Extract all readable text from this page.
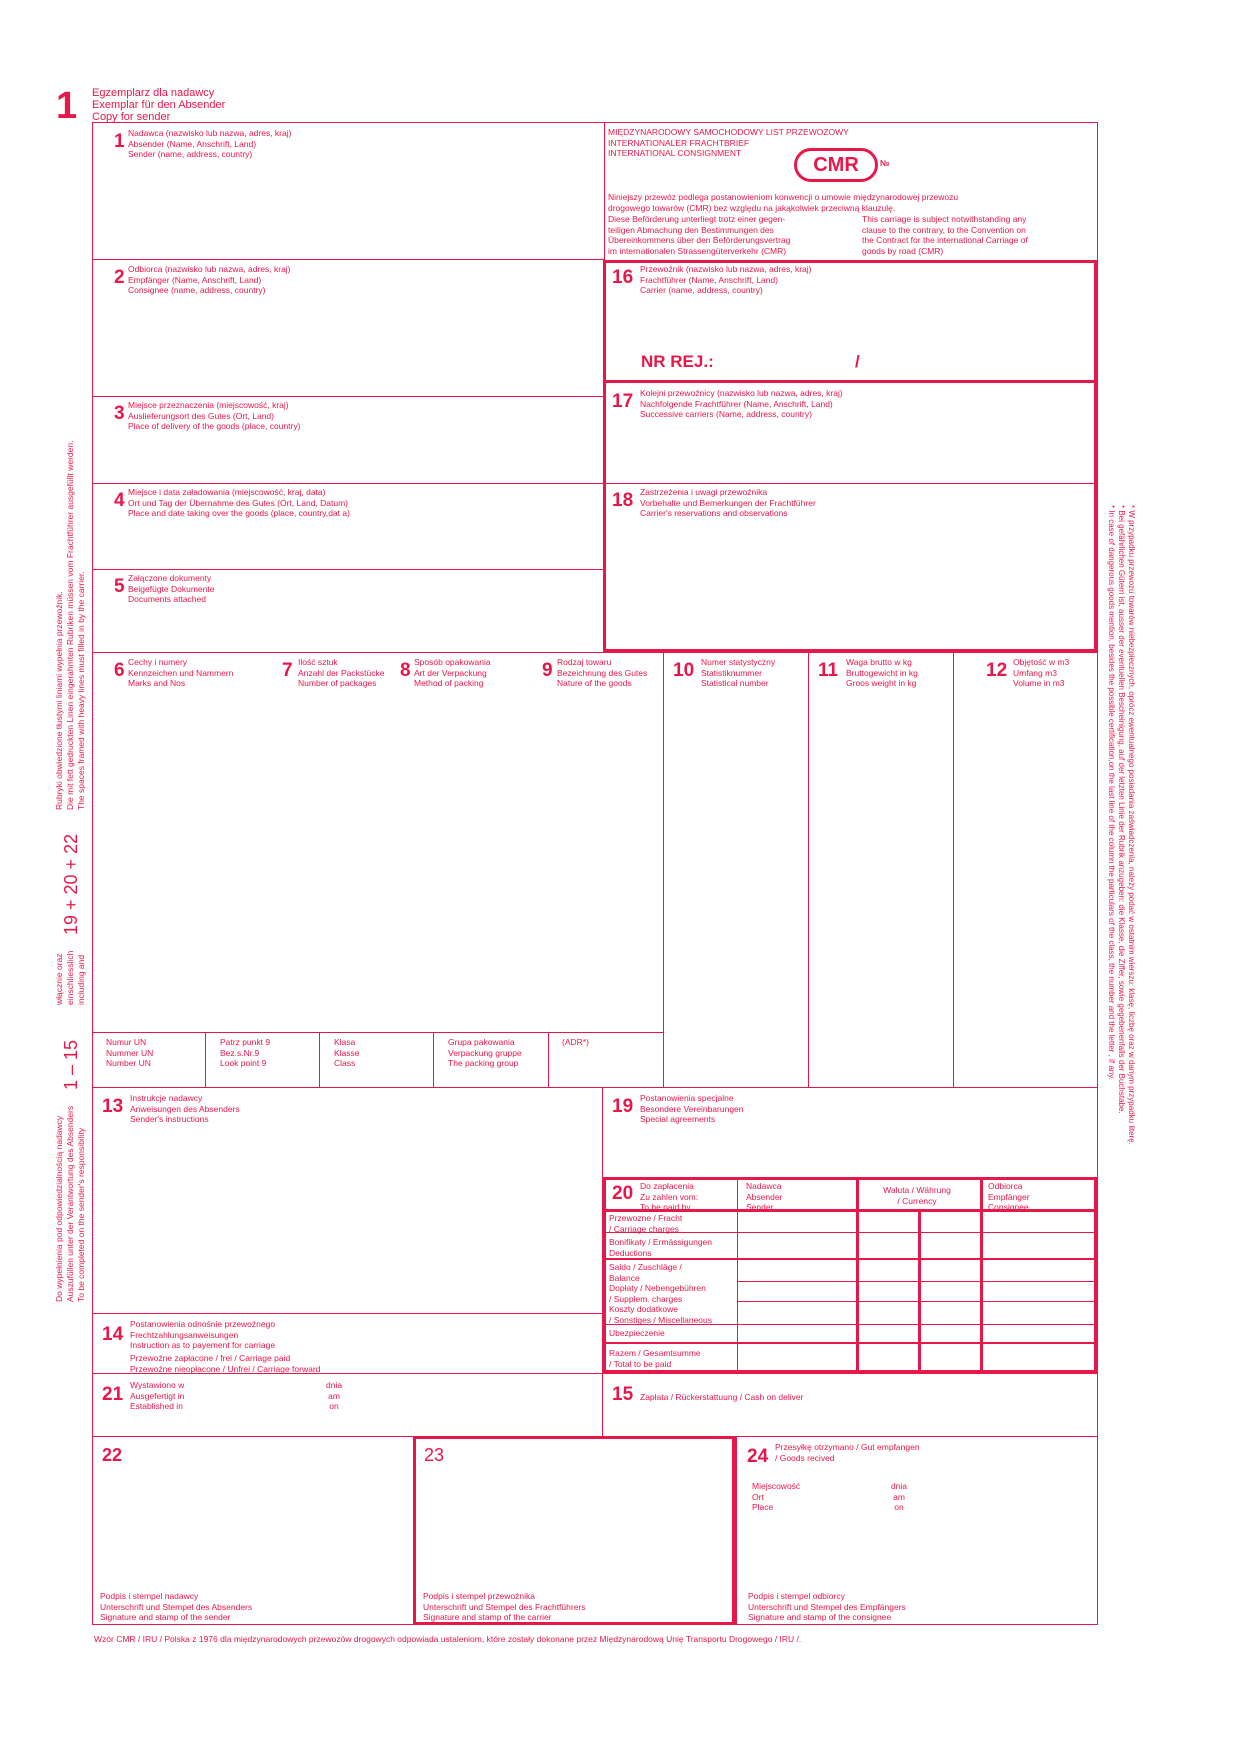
1 Egzemplarz dla nadawcy
Exemplar für den Absender
Copy for sender
MIĘDZYNARODOWY SAMOCHODOWY LIST PRZEWOZOWY
INTERNATIONALER FRACHTBRIEF
INTERNATIONAL CONSIGNMENT
CMR	№
Niniejszy przewóz podlega postanowieniom konwencji o umowie międzynarodowej przewozu
drogowego towarów (CMR) bez względu na jakąkolwiek przeciwną klauzulę.
Diese Beförderung unterliegt trotz einer gegen-
teiligen Abmachung den Bestimmungen des
Übereinkommens über den Beförderungsvertrag
im internationalen Strassengüterverkehr (CMR)
This carriage is subject notwithstanding any
clause to the contrary, to the Convention on
the Contract for the international Carriage of
goods by road (CMR)
1 Nadawca (nazwisko lub nazwa, adres, kraj)
Absender (Name, Anschrift, Land)
Sender (name, address, country)
2 Odbiorca (nazwisko lub nazwa, adres, kraj)
Empfänger (Name, Anschrift, Land)
Consignee (name, address, country)
3 Miejsce przeznaczenia (miejscowość, kraj)
Auslieferungsort des Gutes (Ort, Land)
Place of delivery of the goods (place, country)
4 Miejsce i data załadowania (miejscowość, kraj, data)
Ort und Tag der Übernahme des Gutes (Ort, Land, Datum)
Place and date taking over the goods (place, country,dat a)
5 Załączone dokumenty
Beigefügte Dokumente
Documents attached
16 Przewoźnik (nazwisko lub nazwa, adres, kraj)
Frachtführer (Name, Anschrift, Land)
Carrier (name, address, country)
NR REJ.:	/
17 Kolejni przewoźnicy (nazwisko lub nazwa, adres, kraj)
Nachfolgende Frachtführer (Name, Anschrift, Land)
Successive carriers (Name, address, country)
18 Zastrzeżenia i uwagi przewoźnika
Vorbehalte und Bemerkungen der Frachtführer
Carrier's reservations and observations
6 Cechy i numery
Kennzeichen und Nammern
Marks and Nos
7 Ilość sztuk
Anzahl der Packstücke
Number of packages
8 Sposób opakowania
Art der Verpackung
Method of packing
9 Rodzaj towaru
Bezeichnung des Gutes
Nature of the goods
10 Numer statystyczny
Statistiknummer
Statistical number
11 Waga brutto w kg
Bruttogewicht in kg
Groos weight in kg
12 Objętość w m3
Umfang m3
Volume in m3
Numur UN
Nummer UN
Number UN
Patrz punkt 9
Bez.s.Nr.9
Look point 9
Klasa
Klasse
Class
Grupa pakowania
Verpackung gruppe
The packing group
(ADR*)
13 Instrukcje nadawcy
Anweisungen des Absenders
Sender's instructions
19 Postanowienia specjalne
Besondere Vereinbarungen
Special agreements
20 Do zapłacenia
Zu zahlen vom:
To be paid by
Nadawca
Absender
Sender
Waluta / Währung
/ Currency
Odbiorca
Empfänger
Consignee
Przewozne / Fracht
/ Carriage charges
Bonifikaty / Ermässigungen
Deductions
Saldo / Zuschläge /
Balance
Dopłaty / Nebengebühren
/ Supplem. charges
Koszty dodatkowe
/ Sonstiges / Miscellaneous
Ubezpieczenie
Razem / Gesamtsumme
/ Total to be paid
14 Postanowienia odnośnie przewoźnego
Frechtzahlungsanweisungen
Instruction as to payement for carriage
Przewoźne zapłacone / frei / Carriage paid
Przewoźne nieopłacone / Unfrei / Carriage forward
21 Wystawiono w
Ausgefertigt in
Established in
dnia
am
on
15 Zapłata / Rückerstattuung / Cash on deliver
22
Podpis i stempel nadawcy
Unterschrift und Stempel des Absenders
Signature and stamp of the sender
23
Podpis i stempel przewoźnika
Unterschrift und Stempel des Frachtführers
Signature and stamp of the carrier
24 Przesyłkę otrzymano / Gut empfangen
/ Goods recived
Miejscowość
Ort
Place
dnia
am
on
Podpis i stempel odbiorcy
Unterschrift und Stempel des Empfängers
Signature and stamp of the consignee
Wzór CMR / IRU / Polska z 1976 dla międzynarodowych przewozów drogowych odpowiada ustaleniom, które zostały dokonane przez Międzynarodową Unię Transportu Drogowego / IRU /.
Rubryki obwiedzione tłustymi liniami wypełnia przewoźnik. Die mit fett gedruckten Linen eingerahmten Rubriken müssen vom Frachtführer ausgefüllt werden. The spaces framed with heavy lines must filled in by the carrier.
19 + 20 + 22
włącznie oraz einschliesslich including and
1 – 15
Do wypełnienia pod odpowiedzialnością nadawcy Auszufüllen unter der Verantwortung des Absenders To be completed on the sender's responsibility
* W przypadku przewozu towarów niebezpiecznych, oprócz ewentualnego posiadania zaświadczenia, należy podać w ostatnim wierszu: klasę, liczbę oraz w danym przypadku literę.
* Bei gefährlichen Gütern ist, ausser der eventuellen Bescheinigung, auf der letzten Linie der Rubrik anzugeben: die Klasse, die Ziffer, sowie gegebenenfalls der Buchstabe.
* In case of dangerous goods mention, besides the possible certification,on the last line of the column the particulars of the class, the number and the letter , if any.
